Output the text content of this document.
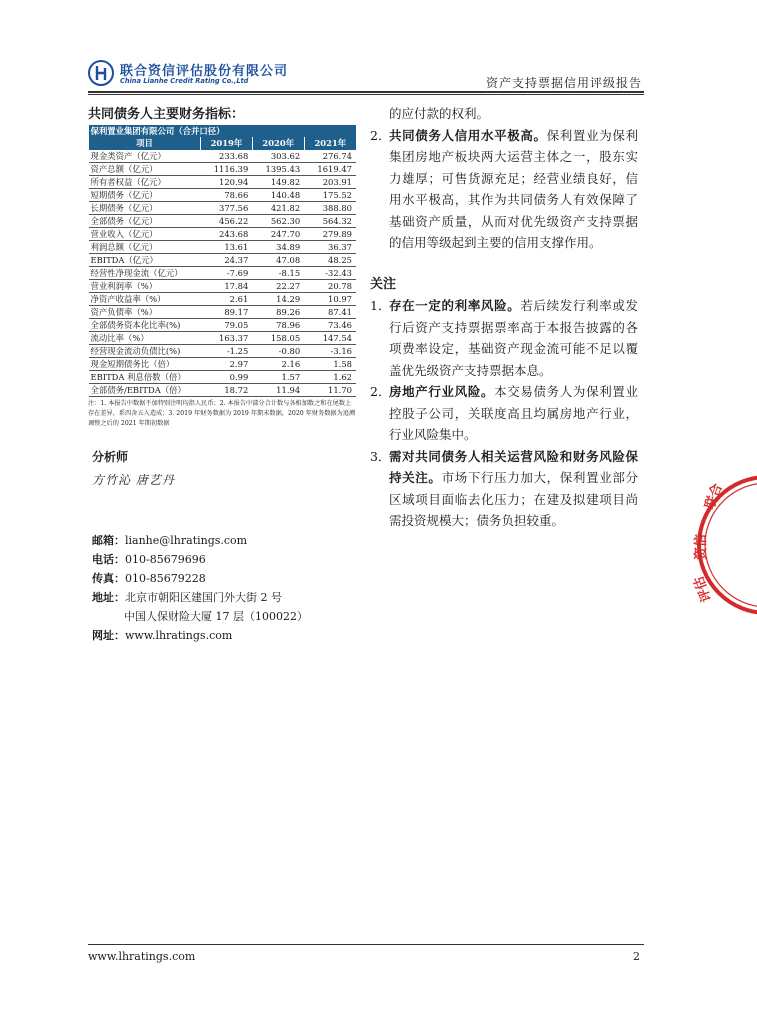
联合资信评估股份有限公司
China Lianhe Credit Rating Co.,Ltd	资产支持票据信用评级报告
共同债务人主要财务指标：
保利置业集团有限公司（合并口径）			
项目	2019年	2020年	2021年
现金类资产（亿元）	233.68	303.62	276.74
资产总额（亿元）	1116.39	1395.43	1619.47
所有者权益（亿元）	120.94	149.82	203.91
短期债务（亿元）	78.66	140.48	175.52
长期债务（亿元）	377.56	421.82	388.80
全部债务（亿元）	456.22	562.30	564.32
营业收入（亿元）	243.68	247.70	279.89
利润总额（亿元）	13.61	34.89	36.37
EBITDA（亿元）	24.37	47.08	48.25
经营性净现金流（亿元）	-7.69	-8.15	-32.43
营业利润率（%）	17.84	22.27	20.78
净资产收益率（%）	2.61	14.29	10.97
资产负债率（%）	89.17	89.26	87.41
全部债务资本化比率(%)	79.05	78.96	73.46
流动比率（%）	163.37	158.05	147.54
经营现金流动负债比(%)	-1.25	-0.80	-3.16
现金短期债务比（倍）	2.97	2.16	1.58
EBITDA 利息倍数（倍）	0.99	1.57	1.62
全部债务/EBITDA（倍）	18.72	11.94	11.70
注：1. 本报告中数据不加特别注明均指人民币；2. 本报告中部分合计数与各相加数之和在尾数上存在差异，系四舍五入造成；3. 2019 年财务数据为 2019 年期末数据，2020 年财务数据为追溯调整之后的 2021 年期初数据
分析师
方竹沁 唐艺丹
邮箱：lianhe@lhratings.com
电话：010-85679696
传真：010-85679228
地址：北京市朝阳区建国门外大街 2 号
中国人保财险大厦 17 层（100022）
网址：www.lhratings.com

的应付款的权利。

2．
共同债务人信用水平极高。保利置业为保利集团房地产板块两大运营主体之一，股东实力雄厚；可售货源充足；经营业绩良好，信用水平极高，其作为共同债务人有效保障了基础资产质量，从而对优先级资产支持票据的信用等级起到主要的信用支撑作用。

关注

1．
存在一定的利率风险。若后续发行利率或发行后资产支持票据票率高于本报告披露的各项费率设定，基础资产现金流可能不足以覆盖优先级资产支持票据本息。

2．
房地产行业风险。本交易债务人为保利置业控股子公司，关联度高且均属房地产行业，行业风险集中。

3．
需对共同债务人相关运营风险和财务风险保持关注。市场下行压力加大，保利置业部分区域项目面临去化压力；在建及拟建项目尚需投资规模大；债务负担较重。

联合
资信
评估
www.lhratings.com	2
